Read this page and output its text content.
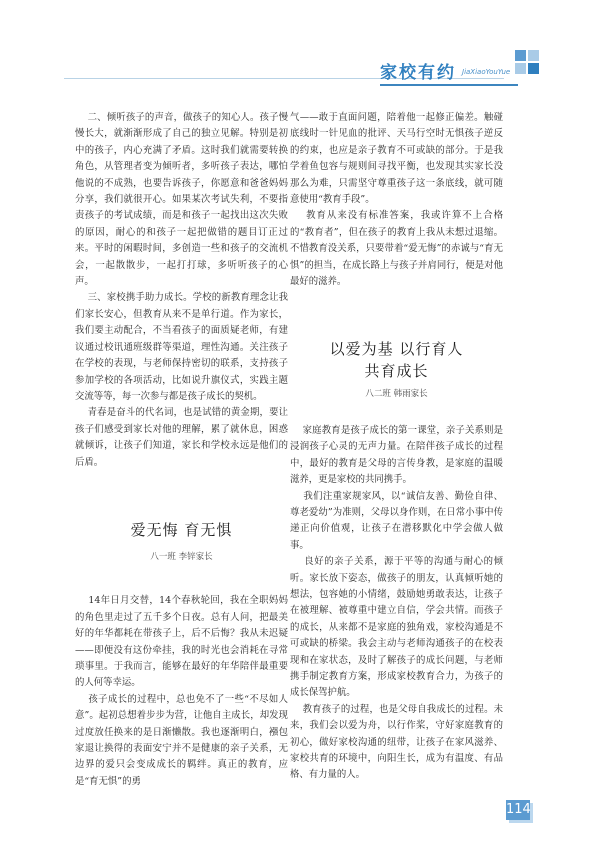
家校有约 JiaXiaoYouYue

二、倾听孩子的声音，做孩子的知心人。孩子慢慢长大，就渐渐形成了自己的独立见解。特别是初中的孩子，内心充满了矛盾。这时我们就需要转换角色，从管理者变为倾听者，多听孩子表达，哪怕他说的不成熟，也要告诉孩子，你愿意和爸爸妈妈分享，我们就很开心。如果某次考试失利，不要指责孩子的考试成绩，而是和孩子一起找出这次失败的原因，耐心的和孩子一起把做错的题目订正过来。平时的闲暇时间，多创造一些和孩子的交流机会，一起散散步，一起打打球，多听听孩子的心声。

三、家校携手助力成长。学校的新教育理念让我们家长安心，但教育从来不是单行道。作为家长，我们要主动配合，不当看孩子的面质疑老师，有建议通过校讯通班级群等渠道，理性沟通。关注孩子在学校的表现，与老师保持密切的联系，支持孩子参加学校的各项活动，比如说升旗仪式，实践主题交流等等，每一次参与都是孩子成长的契机。

青春是奋斗的代名词，也是试错的黄金期，要让孩子们感受到家长对他的理解，累了就休息，困惑就倾诉，让孩子们知道，家长和学校永远是他们的后盾。

爱无悔 育无惧

八一班 李锌家长

14年日月交替，14个春秋轮回，我在全职妈妈的角色里走过了五千多个日夜。总有人问，把最美好的年华都耗在带孩子上，后不后悔？我从未迟疑——即便没有这份牵挂，我的时光也会消耗在寻常琐事里。于我而言，能够在最好的年华陪伴最重要的人何等幸运。

孩子成长的过程中，总也免不了一些“不尽如人意”。起初总想着步步为营，让他自主成长，却发现过度放任换来的是日渐懒散。我也逐渐明白，襁包家退让换得的表面安宁并不是健康的亲子关系，无边界的爱只会变成成长的羁绊。真正的教育，应是“育无惧”的勇

气——敢于直面问题，陪着他一起修正偏差。触碰底线时一针见血的批评、天马行空时无惧孩子逆反的约束，也应是亲子教育不可或缺的部分。于是我学着鱼包容与规则间寻找平衡，也发现其实家长没那么为难，只需坚守尊重孩子这一条底线，就可随意使用“教育手段”。

教育从来没有标准答案，我或许算不上合格的“教育者”，但在孩子的教育上我从未想过退缩。不惜教育没关系，只要带着“爱无悔”的赤诚与“育无惧”的担当，在成长路上与孩子并肩同行，便是对他最好的滋养。

以爱为基 以行育人

共育成长

八二班 韩雨家长

家庭教育是孩子成长的第一课堂，亲子关系则是浸润孩子心灵的无声力量。在陪伴孩子成长的过程中，最好的教育是父母的言传身教，是家庭的温暖滋养，更是家校的共同携手。

我们注重家规家风，以“诚信友善、勤俭自律、尊老爱幼”为准则，父母以身作则，在日常小事中传递正向价值观，让孩子在潜移默化中学会做人做事。

良好的亲子关系，源于平等的沟通与耐心的倾听。家长放下姿态，做孩子的朋友，认真倾听她的想法，包容她的小情绪，鼓励她勇敢表达，让孩子在被理解、被尊重中建立自信，学会共情。而孩子的成长，从来都不是家庭的独角戏，家校沟通是不可或缺的桥梁。我会主动与老师沟通孩子的在校表现和在家状态，及时了解孩子的成长问题，与老师携手制定教育方案，形成家校教育合力，为孩子的成长保驾护航。

教育孩子的过程，也是父母自我成长的过程。未来，我们会以爱为舟，以行作桨，守好家庭教育的初心，做好家校沟通的纽带，让孩子在家风滋养、家校共育的环境中，向阳生长，成为有温度、有品格、有力量的人。

114
